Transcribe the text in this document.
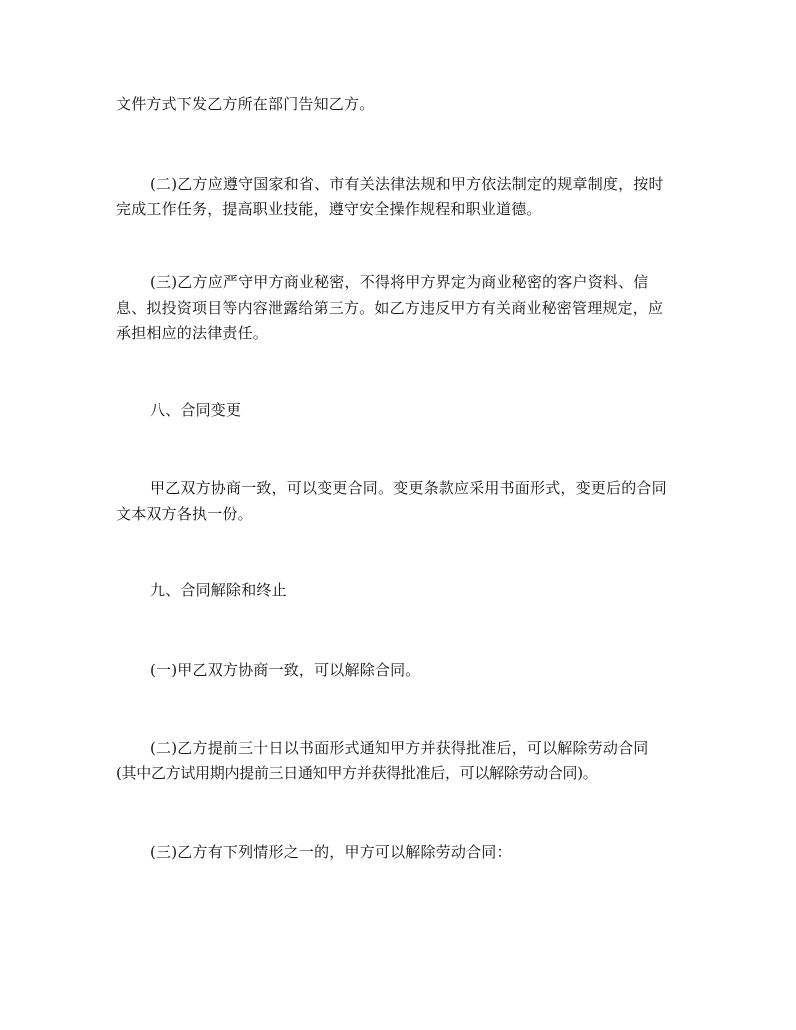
文件方式下发乙方所在部门告知乙方。
(二)乙方应遵守国家和省、市有关法律法规和甲方依法制定的规章制度，按时
完成工作任务，提高职业技能，遵守安全操作规程和职业道德。
(三)乙方应严守甲方商业秘密，不得将甲方界定为商业秘密的客户资料、信
息、拟投资项目等内容泄露给第三方。如乙方违反甲方有关商业秘密管理规定，应
承担相应的法律责任。
八、合同变更
甲乙双方协商一致，可以变更合同。变更条款应采用书面形式，变更后的合同
文本双方各执一份。
九、合同解除和终止
(一)甲乙双方协商一致，可以解除合同。
(二)乙方提前三十日以书面形式通知甲方并获得批准后，可以解除劳动合同
(其中乙方试用期内提前三日通知甲方并获得批准后，可以解除劳动合同)。
(三)乙方有下列情形之一的，甲方可以解除劳动合同：
